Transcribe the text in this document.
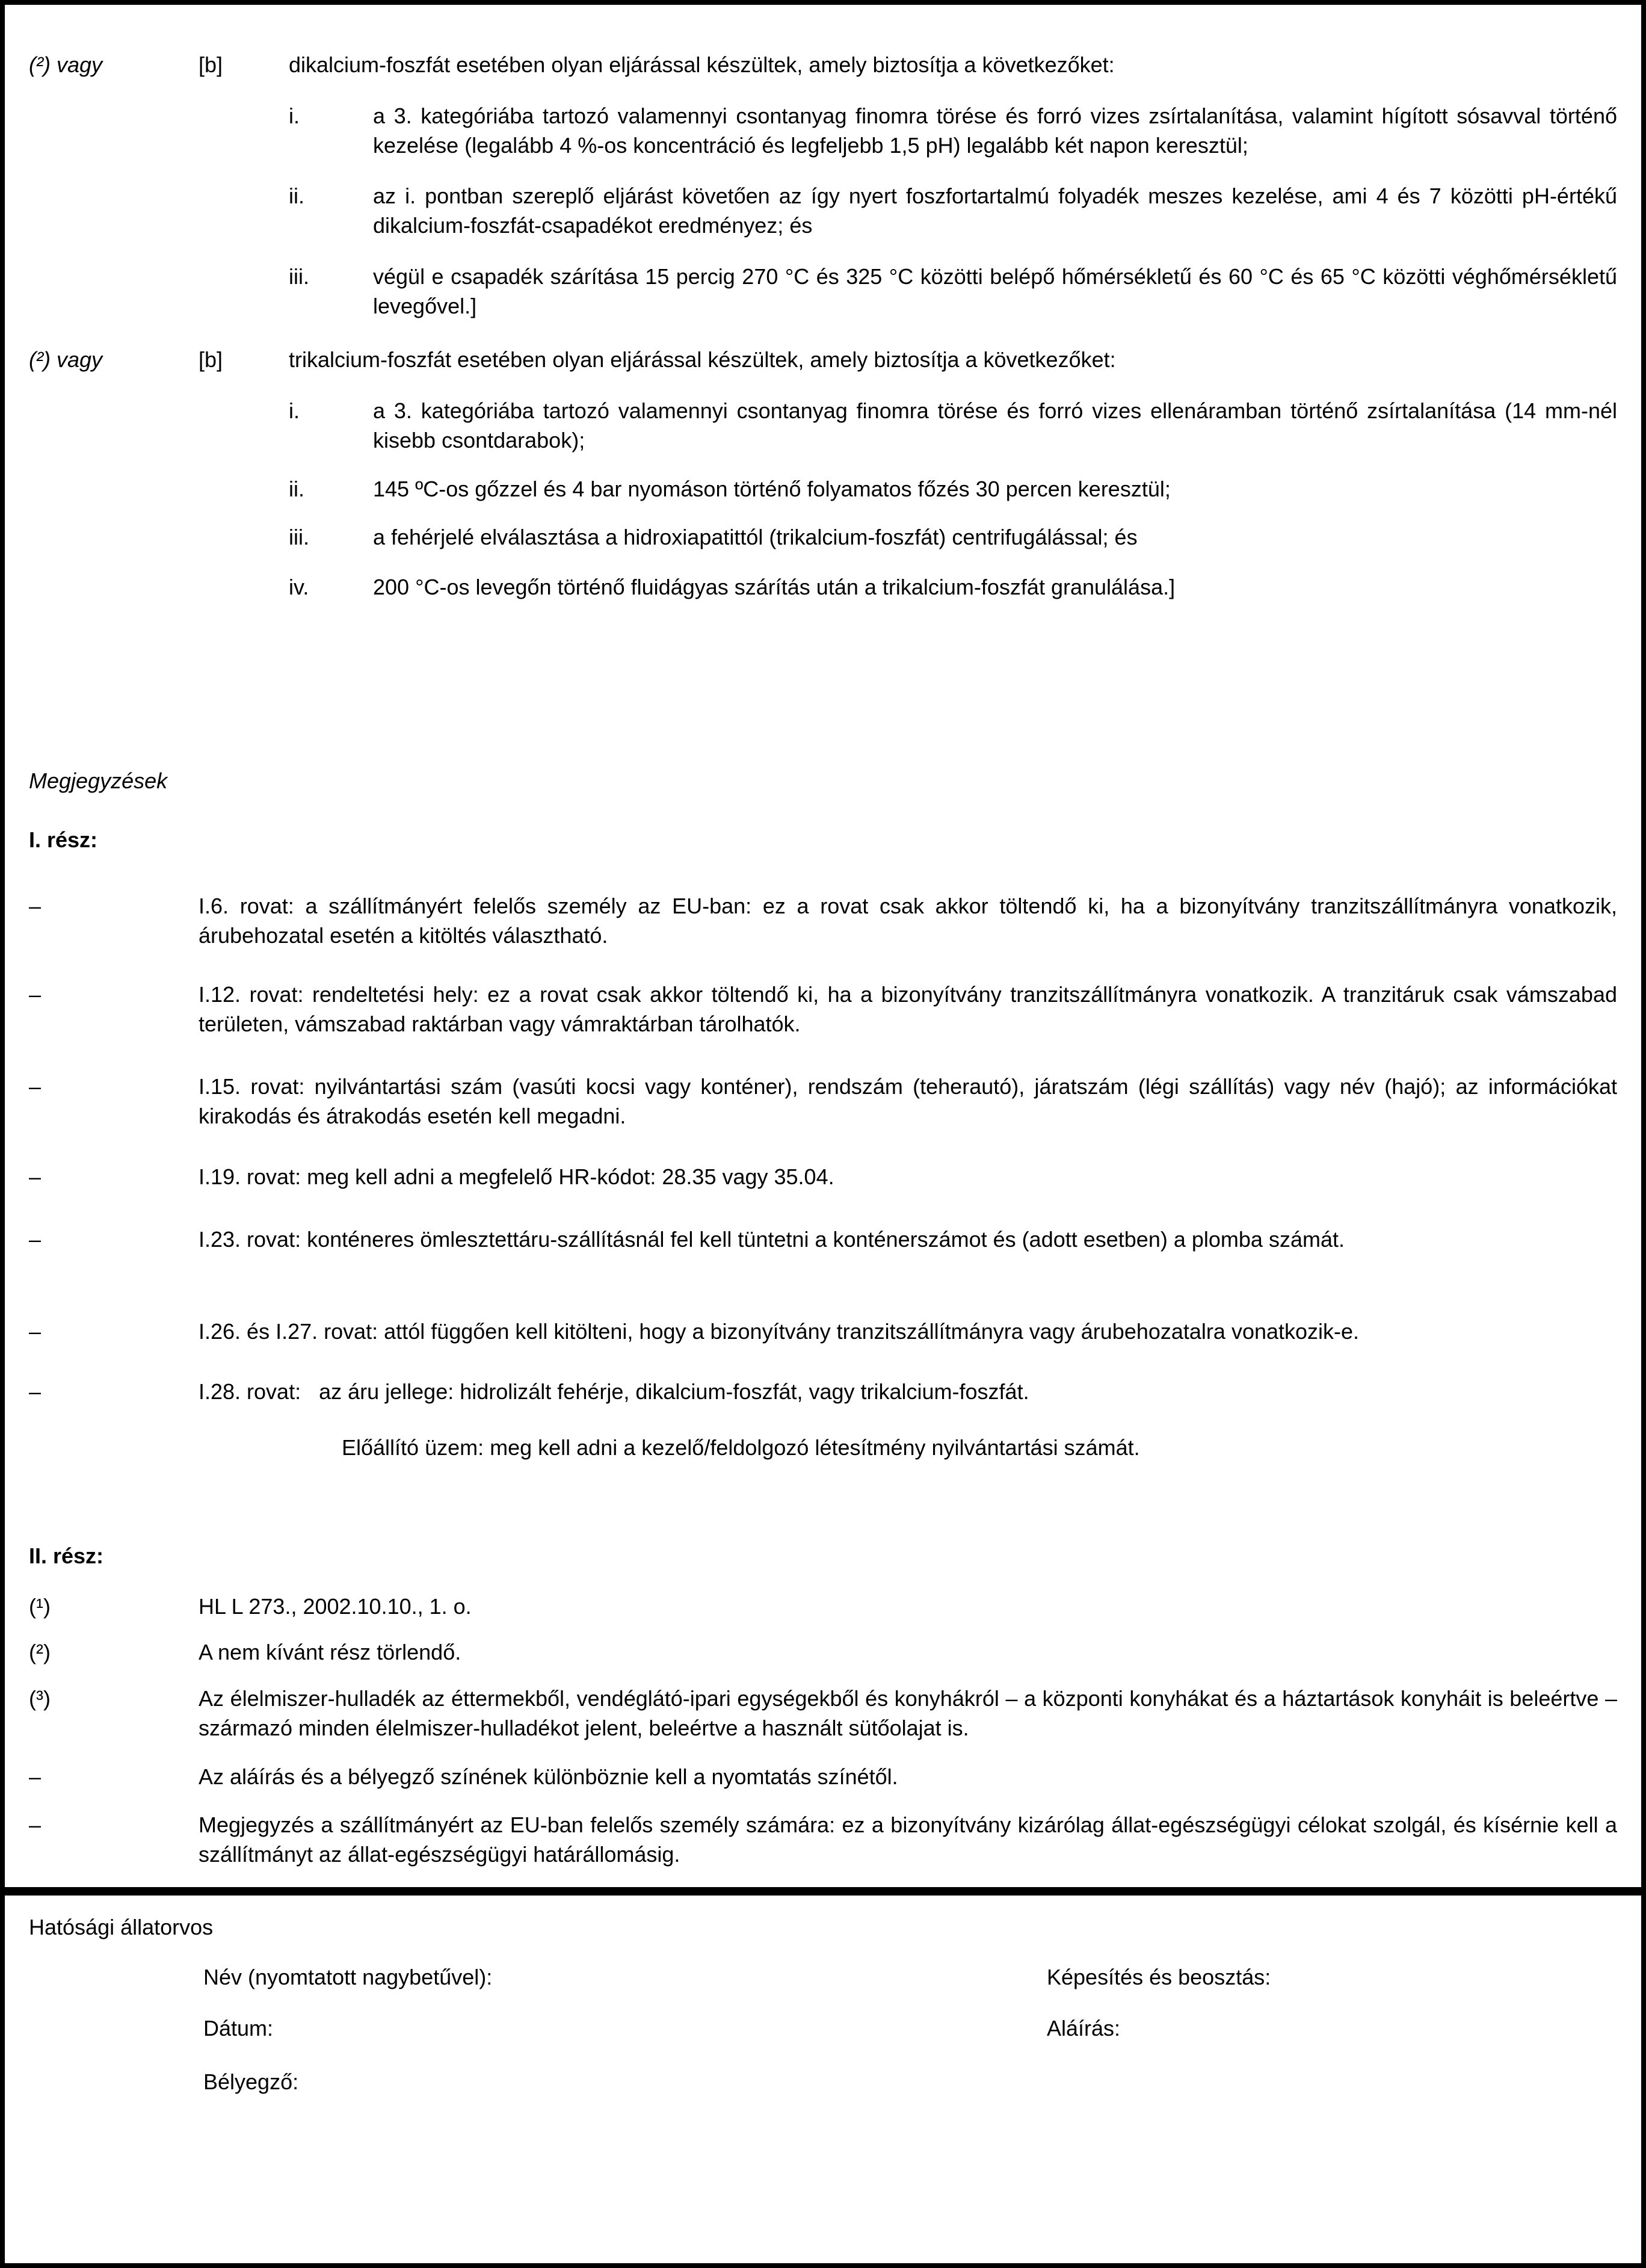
(²) vagy	[b]	dikalcium-foszfát esetében olyan eljárással készültek, amely biztosítja a következőket:
i.	a 3. kategóriába tartozó valamennyi csontanyag finomra törése és forró vizes zsírtalanítása, valamint hígított sósavval történő kezelése (legalább 4 %-os koncentráció és legfeljebb 1,5 pH) legalább két napon keresztül;
ii.	az i. pontban szereplő eljárást követően az így nyert foszfortartalmú folyadék meszes kezelése, ami 4 és 7 közötti pH-értékű dikalcium-foszfát-csapadékot eredményez; és
iii.	végül e csapadék szárítása 15 percig 270 °C és 325 °C közötti belépő hőmérsékletű és 60 °C és 65 °C közötti véghőmérsékletű levegővel.]
(²) vagy	[b]	trikalcium-foszfát esetében olyan eljárással készültek, amely biztosítja a következőket:
i.	a 3. kategóriába tartozó valamennyi csontanyag finomra törése és forró vizes ellenáramban történő zsírtalanítása (14 mm-nél kisebb csontdarabok);
ii.	145 ºC-os gőzzel és 4 bar nyomáson történő folyamatos főzés 30 percen keresztül;
iii.	a fehérjelé elválasztása a hidroxiapatittól (trikalcium-foszfát) centrifugálással; és
iv.	200 °C-os levegőn történő fluidágyas szárítás után a trikalcium-foszfát granulálása.]
Megjegyzések
I. rész:
–	I.6. rovat: a szállítmányért felelős személy az EU-ban: ez a rovat csak akkor töltendő ki, ha a bizonyítvány tranzitszállítmányra vonatkozik, árubehozatal esetén a kitöltés választható.
–	I.12. rovat: rendeltetési hely: ez a rovat csak akkor töltendő ki, ha a bizonyítvány tranzitszállítmányra vonatkozik. A tranzitáruk csak vámszabad területen, vámszabad raktárban vagy vámraktárban tárolhatók.
–	I.15. rovat: nyilvántartási szám (vasúti kocsi vagy konténer), rendszám (teherautó), járatszám (légi szállítás) vagy név (hajó); az információkat kirakodás és átrakodás esetén kell megadni.
–	I.19. rovat: meg kell adni a megfelelő HR-kódot: 28.35 vagy 35.04.
–	I.23. rovat: konténeres ömlesztettáru-szállításnál fel kell tüntetni a konténerszámot és (adott esetben) a plomba számát.
–	I.26. és I.27. rovat: attól függően kell kitölteni, hogy a bizonyítvány tranzitszállítmányra vagy árubehozatalra vonatkozik-e.
–	I.28. rovat:   az áru jellege: hidrolizált fehérje, dikalcium-foszfát, vagy trikalcium-foszfát.
Előállító üzem: meg kell adni a kezelő/feldolgozó létesítmény nyilvántartási számát.
II. rész:
(¹)	HL L 273., 2002.10.10., 1. o.
(²)	A nem kívánt rész törlendő.
(³)	Az élelmiszer-hulladék az éttermekből, vendéglátó-ipari egységekből és konyhákról – a központi konyhákat és a háztartások konyháit is beleértve – származó minden élelmiszer-hulladékot jelent, beleértve a használt sütőolajat is.
–	Az aláírás és a bélyegző színének különböznie kell a nyomtatás színétől.
–	Megjegyzés a szállítmányért az EU-ban felelős személy számára: ez a bizonyítvány kizárólag állat-egészségügyi célokat szolgál, és kísérnie kell a szállítmányt az állat-egészségügyi határállomásig.
Hatósági állatorvos
Név (nyomtatott nagybetűvel):	Képesítés és beosztás:
Dátum:	Aláírás:
Bélyegző:
